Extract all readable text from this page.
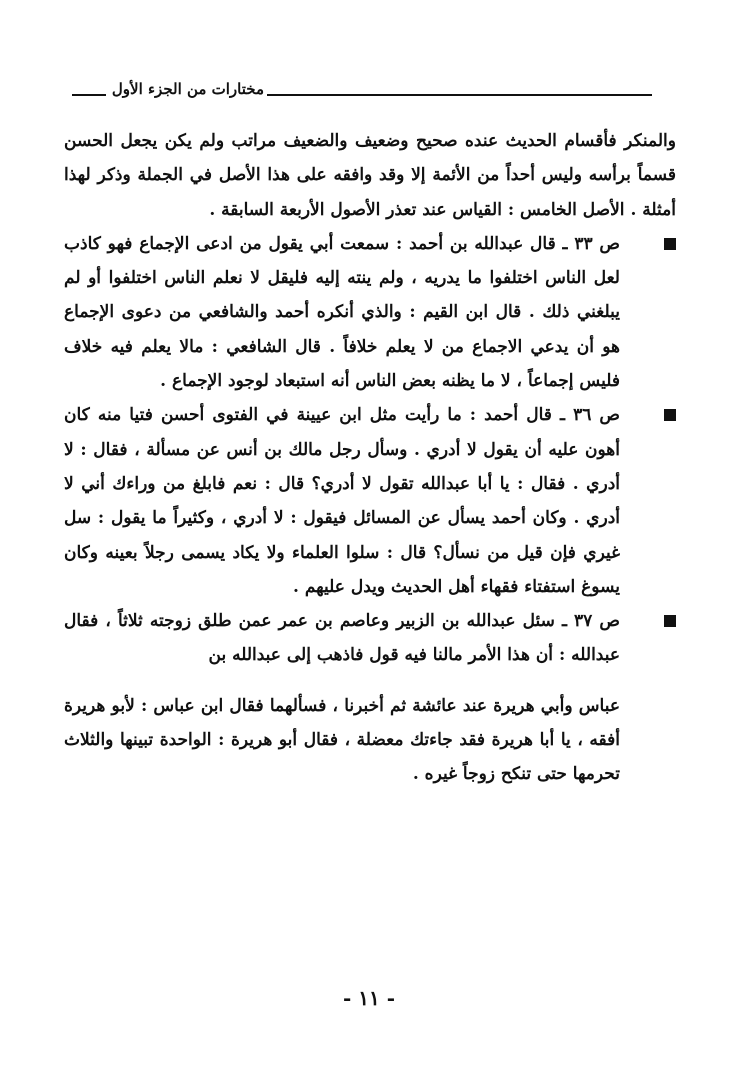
مختارات من الجزء الأول

والمنكر فأقسام الحديث عنده صحيح وضعيف والضعيف مراتب ولم يكن يجعل الحسن قسماً برأسه وليس أحداً من الأئمة إلا وقد وافقه على هذا الأصل في الجملة وذكر لهذا أمثلة . الأصل الخامس : القياس عند تعذر الأصول الأربعة السابقة .

ص ٣٣ ـ قال عبدالله بن أحمد : سمعت أبي يقول من ادعى الإجماع فهو كاذب لعل الناس اختلفوا ما يدريه ، ولم ينته إليه فليقل لا نعلم الناس اختلفوا أو لم يبلغني ذلك . قال ابن القيم : والذي أنكره أحمد والشافعي من دعوى الإجماع هو أن يدعي الاجماع من لا يعلم خلافاً . قال الشافعي : مالا يعلم فيه خلاف فليس إجماعاً ، لا ما يظنه بعض الناس أنه استبعاد لوجود الإجماع .
ص ٣٦ ـ قال أحمد : ما رأيت مثل ابن عيينة في الفتوى أحسن فتيا منه كان أهون عليه أن يقول لا أدري . وسأل رجل مالك بن أنس عن مسألة ، فقال : لا أدري . فقال : يا أبا عبدالله تقول لا أدري؟ قال : نعم فابلغ من وراءك أني لا أدري . وكان أحمد يسأل عن المسائل فيقول : لا أدري ، وكثيراً ما يقول : سل غيري فإن قيل من نسأل؟ قال : سلوا العلماء ولا يكاد يسمى رجلاً بعينه وكان يسوغ استفتاء فقهاء أهل الحديث ويدل عليهم .
ص ٣٧ ـ سئل عبدالله بن الزبير وعاصم بن عمر عمن طلق زوجته ثلاثاً ، فقال عبدالله : أن هذا الأمر مالنا فيه قول فاذهب إلى عبدالله بن

عباس وأبي هريرة عند عائشة ثم أخبرنا ، فسألهما فقال ابن عباس : لأبو هريرة أفقه ، يا أبا هريرة فقد جاءتك معضلة ، فقال أبو هريرة : الواحدة تبينها والثلاث تحرمها حتى تنكح زوجاً غيره .

- ١١ -
